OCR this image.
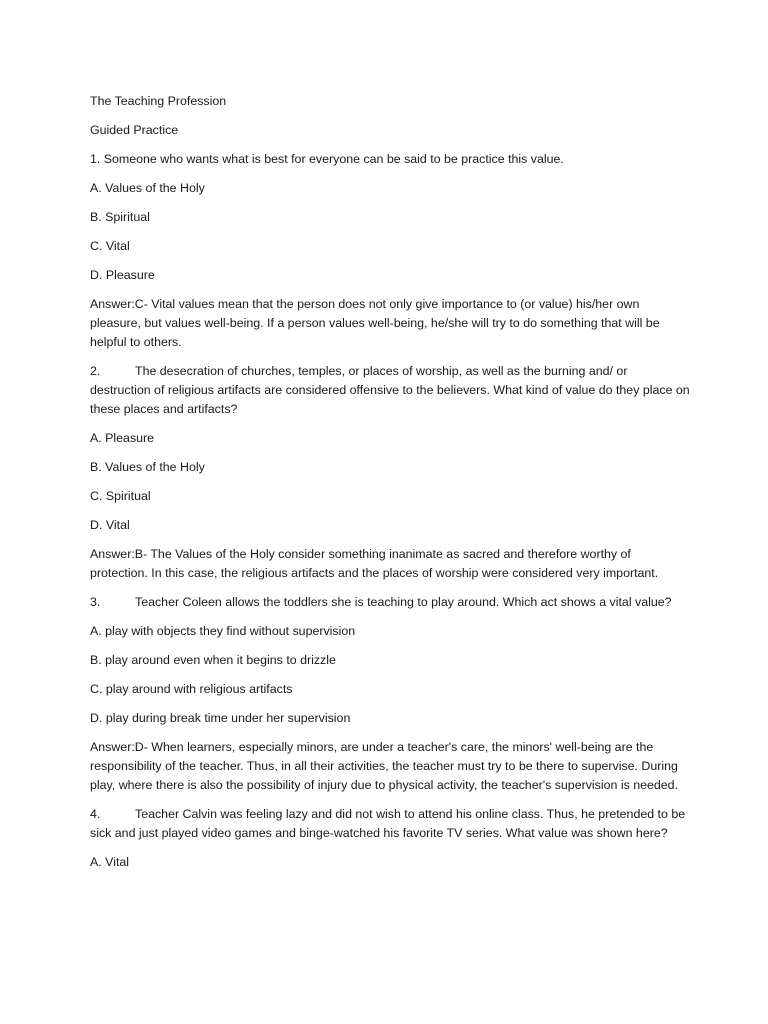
The Teaching Profession

Guided Practice

1. Someone who wants what is best for everyone can be said to be practice this value.

A. Values of the Holy

B. Spiritual

C. Vital

D. Pleasure

Answer:C- Vital values mean that the person does not only give importance to (or value) his/her own pleasure, but values well-being. If a person values well-being, he/she will try to do something that will be helpful to others.

2.	The desecration of churches, temples, or places of worship, as well as the burning and/ or destruction of religious artifacts are considered offensive to the believers. What kind of value do they place on these places and artifacts?

A. Pleasure

B. Values of the Holy

C. Spiritual

D. Vital

Answer:B- The Values of the Holy consider something inanimate as sacred and therefore worthy of protection. In this case, the religious artifacts and the places of worship were considered very important.

3.	Teacher Coleen allows the toddlers she is teaching to play around. Which act shows a vital value?

A. play with objects they find without supervision

B. play around even when it begins to drizzle

C. play around with religious artifacts

D. play during break time under her supervision

Answer:D- When learners, especially minors, are under a teacher's care, the minors' well-being are the responsibility of the teacher. Thus, in all their activities, the teacher must try to be there to supervise. During play, where there is also the possibility of injury due to physical activity, the teacher's supervision is needed.

4.	Teacher Calvin was feeling lazy and did not wish to attend his online class. Thus, he pretended to be sick and just played video games and binge-watched his favorite TV series. What value was shown here?

A. Vital
